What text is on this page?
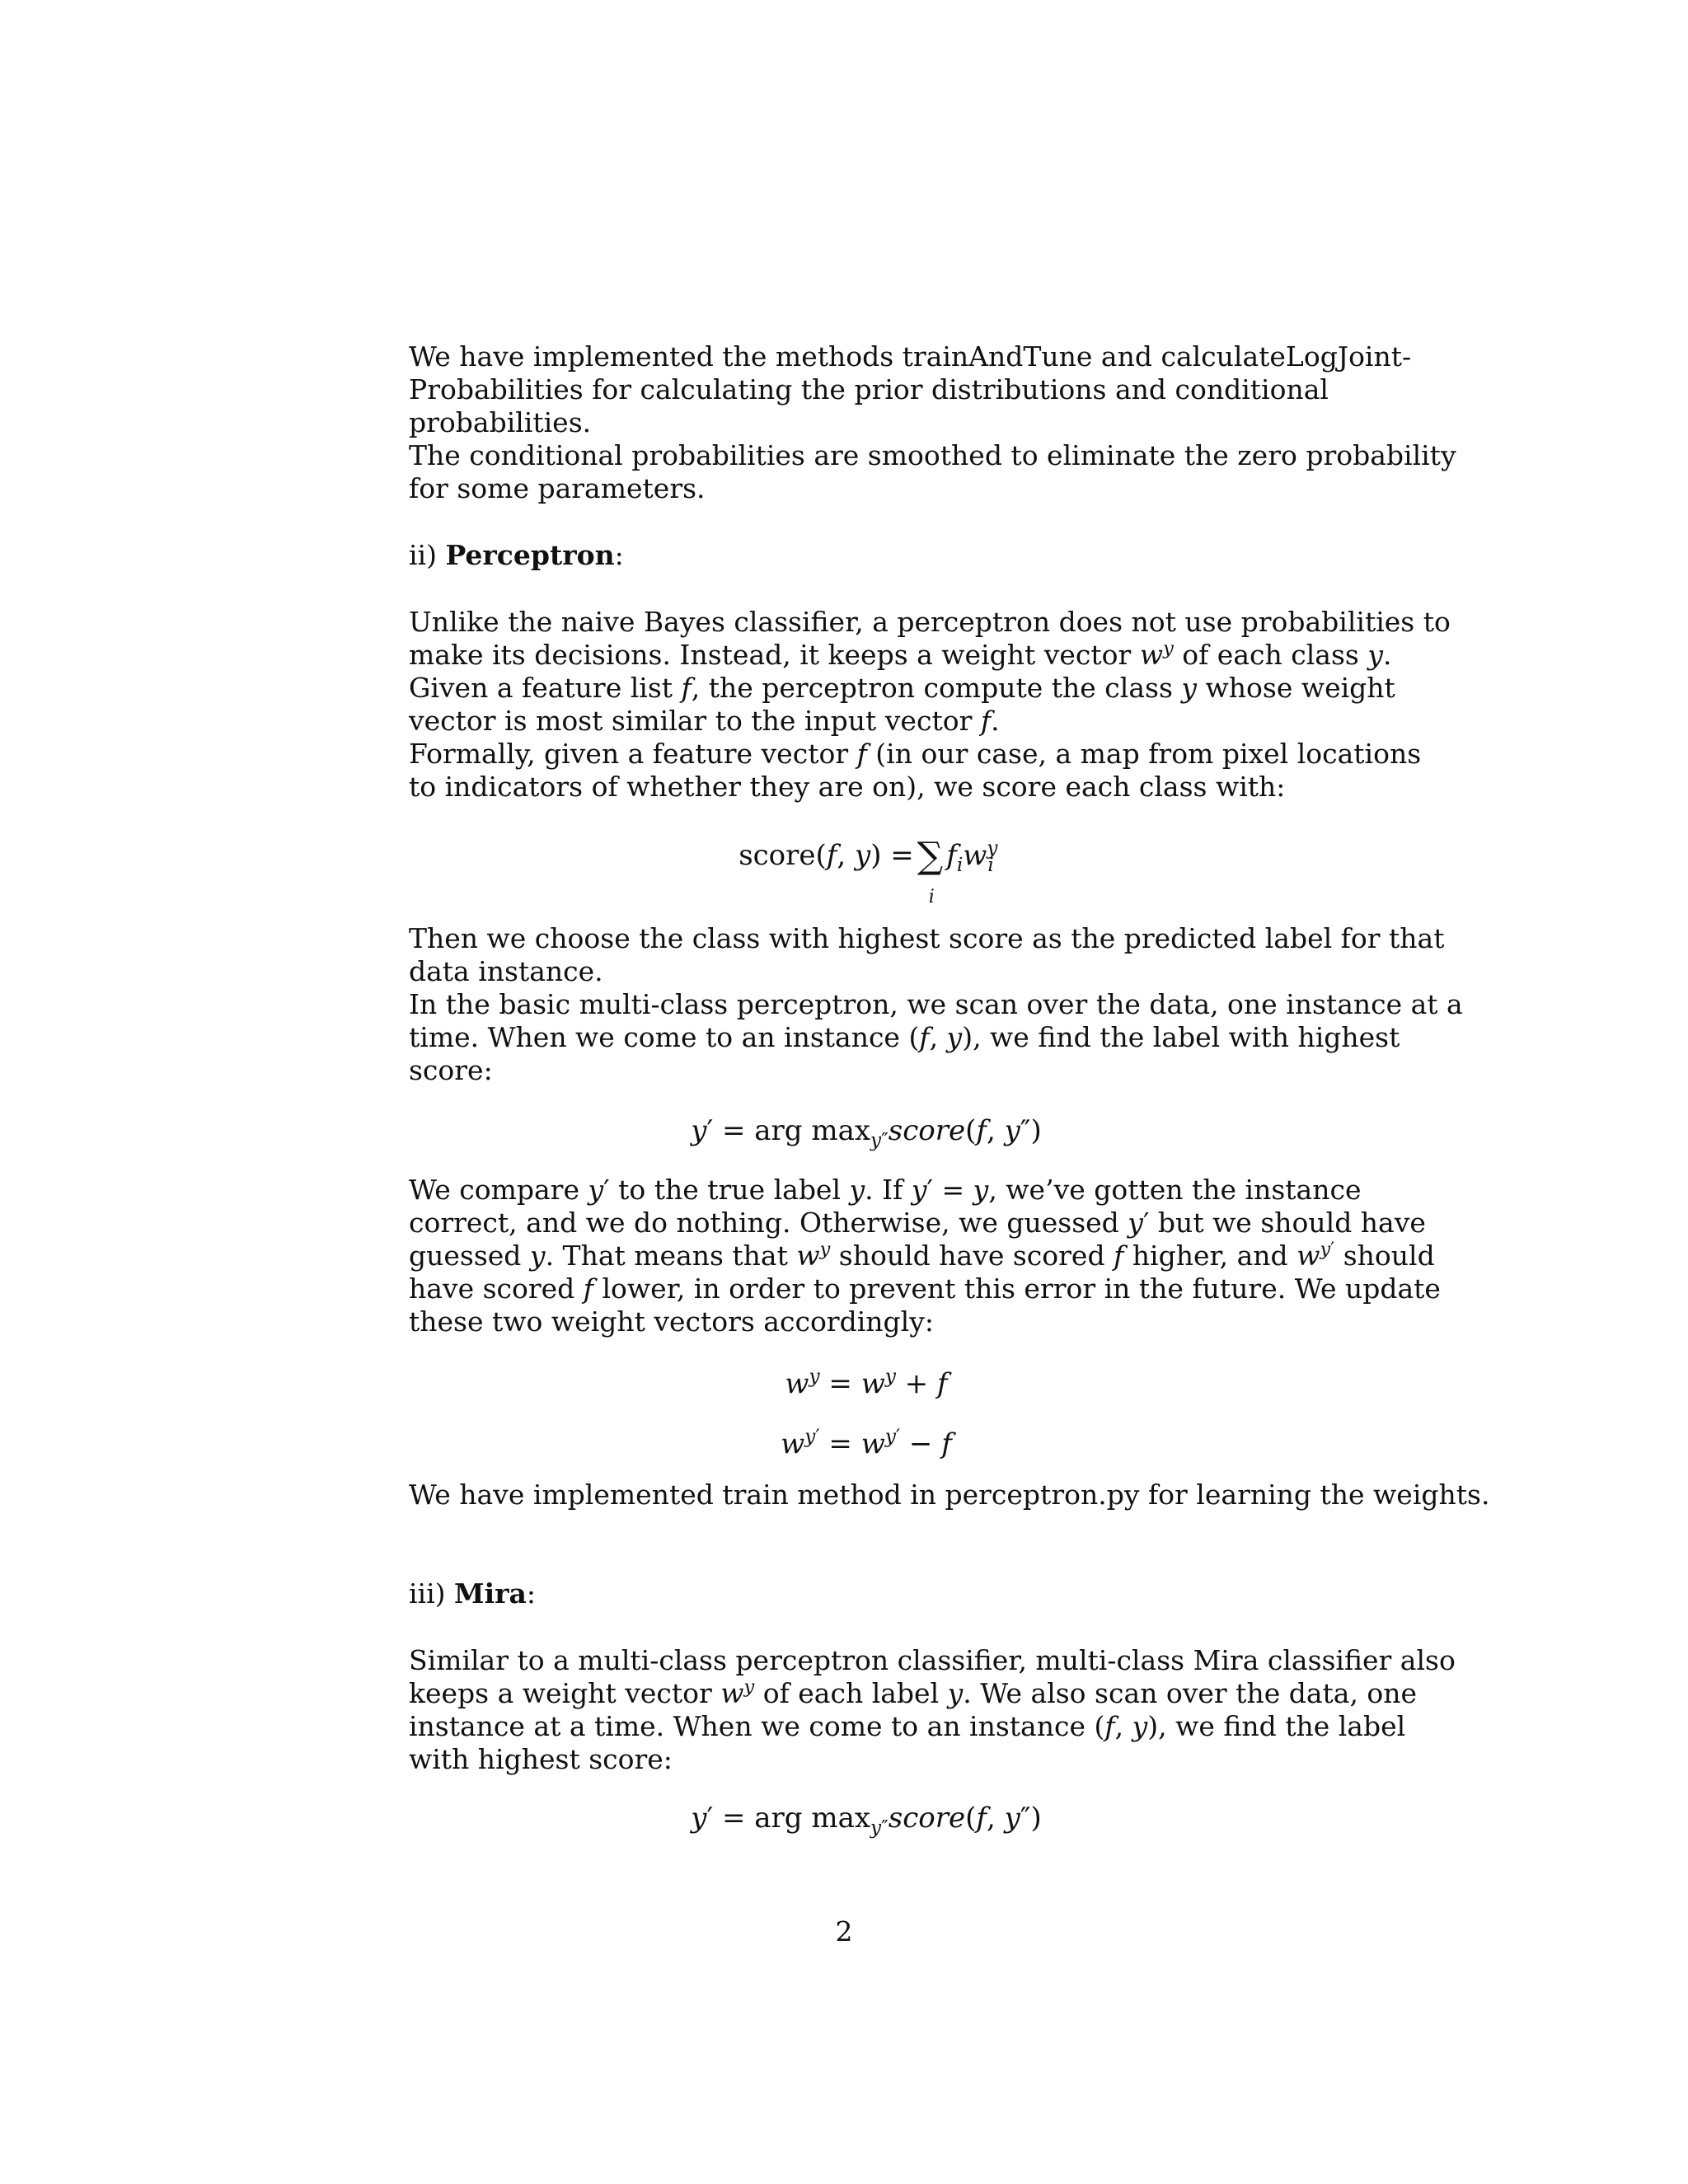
We have implemented the methods trainAndTune and calculateLogJoint-
Probabilities for calculating the prior distributions and conditional
probabilities.
The conditional probabilities are smoothed to eliminate the zero probability
for some parameters.
ii) Perceptron:
Unlike the naive Bayes classifier, a perceptron does not use probabilities to
make its decisions. Instead, it keeps a weight vector $w^y$ of each class y.
Given a feature list f, the perceptron compute the class y whose weight
vector is most similar to the input vector f.
Formally, given a feature vector f (in our case, a map from pixel locations
to indicators of whether they are on), we score each class with:
score(f, y) =∑
i
$f_iw^y_i$
Then we choose the class with highest score as the predicted label for that
data instance.
In the basic multi-class perceptron, we scan over the data, one instance at a
time. When we come to an instance (f, y), we find the label with highest
score:
y′ = arg $\max_{y''}score(f$, y″)
We compare y′ to the true label y. If y′ = y, we’ve gotten the instance
correct, and we do nothing. Otherwise, we guessed y′ but we should have
guessed y. That means that $w^y$ should have scored f higher, and $w^{y'}$ should
have scored f lower, in order to prevent this error in the future. We update
these two weight vectors accordingly:
$w^y = w^y + f$
$w^{y'} = w^{y'} - f$
We have implemented train method in perceptron.py for learning the weights.
iii) Mira:
Similar to a multi-class perceptron classifier, multi-class Mira classifier also
keeps a weight vector $w^y$ of each label y. We also scan over the data, one
instance at a time. When we come to an instance (f, y), we find the label
with highest score:
y′ = arg $\max_{y''}score(f$, y″)
2
